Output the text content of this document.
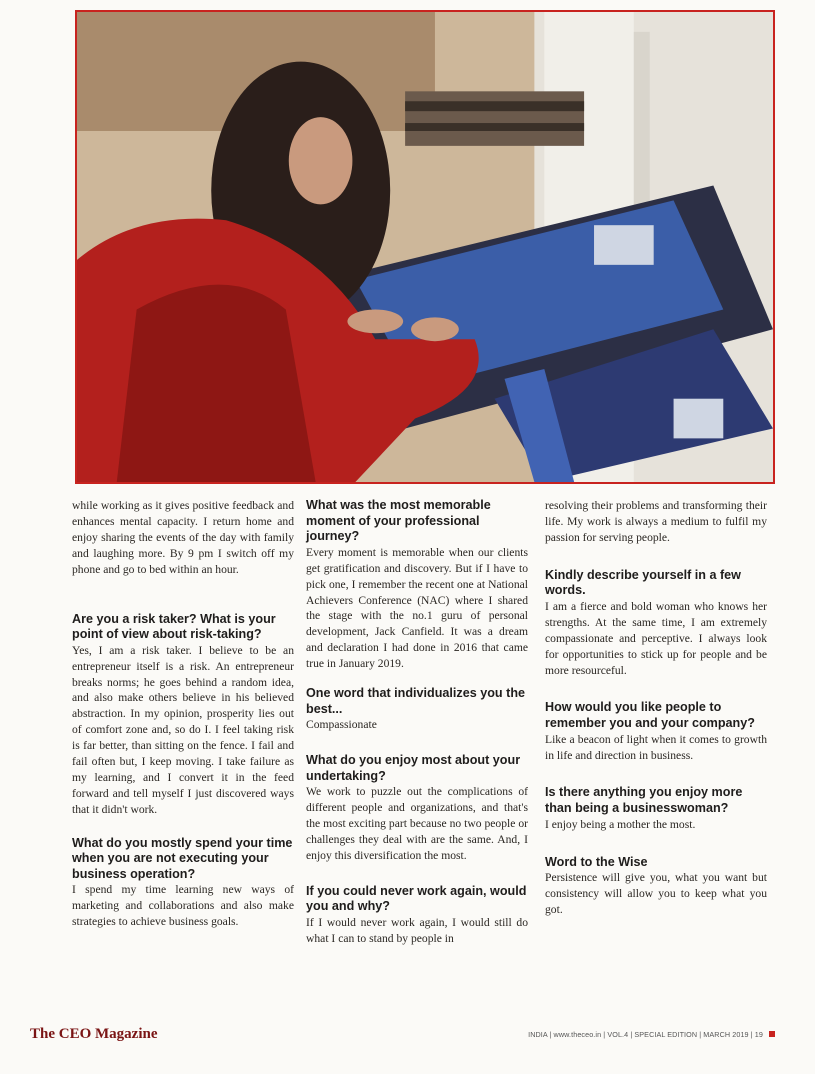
while working as it gives positive feedback and enhances mental capacity. I return home and enjoy sharing the events of the day with family and laughing more. By 9 pm I switch off my phone and go to bed within an hour.

Are you a risk taker? What is your point of view about risk-taking?

Yes, I am a risk taker. I believe to be an entrepreneur itself is a risk. An entrepreneur breaks norms; he goes behind a random idea, and also make others believe in his believed abstraction. In my opinion, prosperity lies out of comfort zone and, so do I. I feel taking risk is far better, than sitting on the fence. I fail and fail often but, I keep moving. I take failure as my learning, and I convert it in the feed forward and tell myself I just discovered ways that it didn't work.

What do you mostly spend your time when you are not executing your business operation?

I spend my time learning new ways of marketing and collaborations and also make strategies to achieve business goals.

What was the most memorable moment of your professional journey?

Every moment is memorable when our clients get gratification and discovery. But if I have to pick one, I remember the recent one at National Achievers Conference (NAC) where I shared the stage with the no.1 guru of personal development, Jack Canfield. It was a dream and declaration I had done in 2016 that came true in January 2019.

One word that individualizes you the best...

Compassionate

What do you enjoy most about your undertaking?

We work to puzzle out the complications of different people and organizations, and that's the most exciting part because no two people or challenges they deal with are the same. And, I enjoy this diversification the most.

If you could never work again, would you and why?

If I would never work again, I would still do what I can to stand by people in

resolving their problems and transforming their life. My work is always a medium to fulfil my passion for serving people.

Kindly describe yourself in a few words.

I am a fierce and bold woman who knows her strengths. At the same time, I am extremely compassionate and perceptive. I always look for opportunities to stick up for people and be more resourceful.

How would you like people to remember you and your company?

Like a beacon of light when it comes to growth in life and direction in business.

Is there anything you enjoy more than being a businesswoman?

I enjoy being a mother the most.

Word to the Wise

Persistence will give you, what you want but consistency will allow you to keep what you got.

The CEO Magazine	INDIA | www.theceo.in | VOL.4 | SPECIAL EDITION | MARCH 2019 | 19
